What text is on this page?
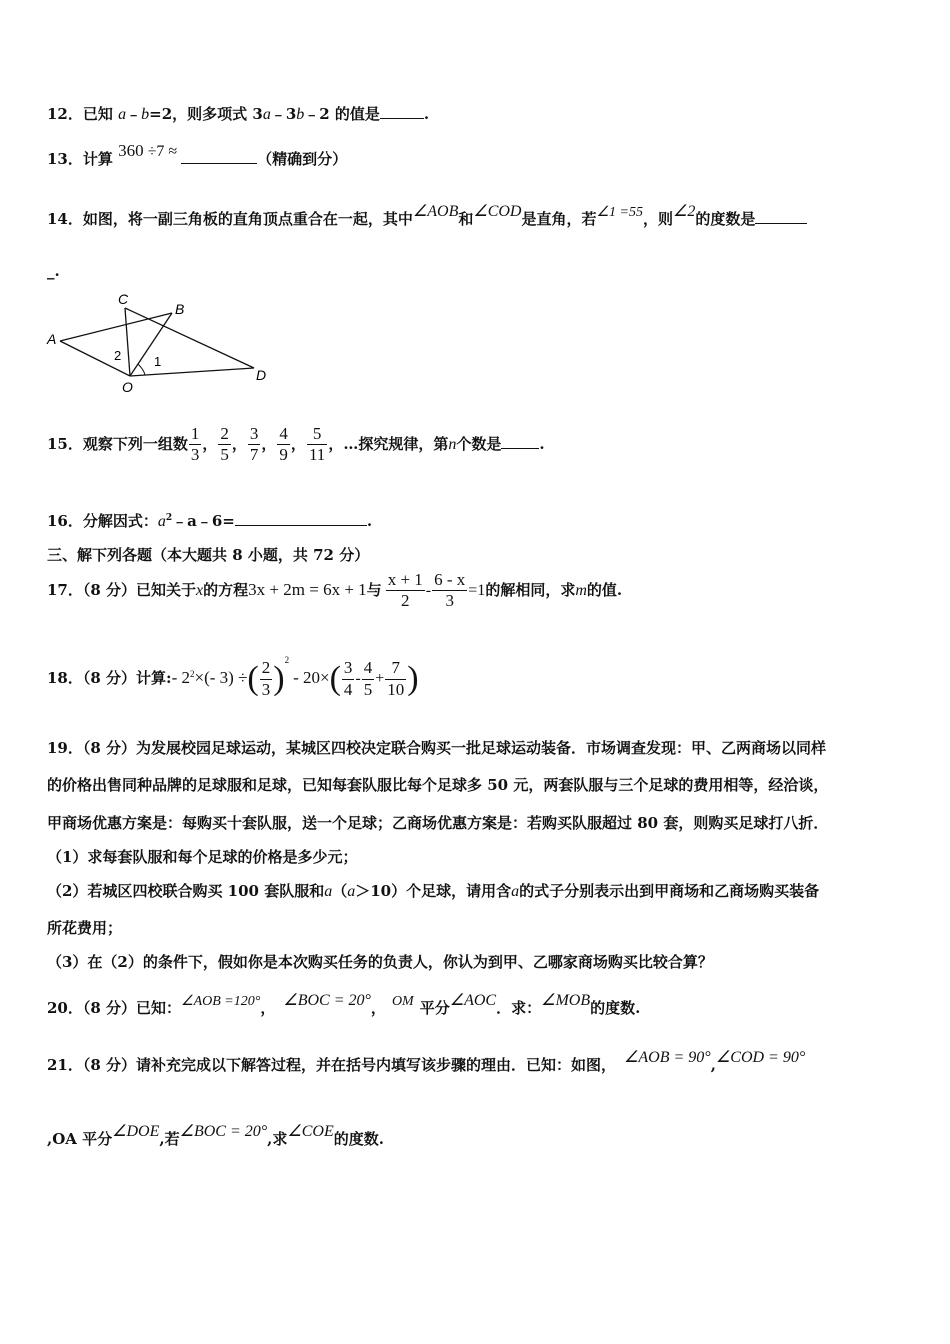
12．已知 a﹣b=2，则多项式 3a﹣3b﹣2 的值是	.
13．计算 360 ÷7 ≈	（精确到分）
14．如图，将一副三角板的直角顶点重合在一起，其中∠AOB和∠COD是直角，若∠1 =55，则∠2的度数是
_.
A
B
C
D
O
1
2
15．观察下列一组数 $\frac{1}{3}$ ， $\frac{2}{5}$ ， $\frac{3}{7}$ ， $\frac{4}{9}$ ， $\frac{5}{11}$ ，…探究规律，第n个数是	.
16．分解因式：$a^2﹣a﹣6=$	.
三、解下列各题（本大题共 8 小题，共 72 分）
17．（8 分）已知关于x的方程3x + 2m = 6x + 1与 $\frac{x + 1}{2} - \frac{6 - x}{3} =1$的解相同，求m的值.
18．（8 分）计算:- $2^2\times(-$ 3) ÷( $\frac{2}{3} )^2-$ $20\times( \frac{3}{4} - \frac{4}{5} + \frac{7}{10}$ )
19．（8 分）为发展校园足球运动，某城区四校决定联合购买一批足球运动装备．市场调查发现：甲、乙两商场以同样
的价格出售同种品牌的足球服和足球，已知每套队服比每个足球多 50 元，两套队服与三个足球的费用相等，经洽谈，
甲商场优惠方案是：每购买十套队服，送一个足球；乙商场优惠方案是：若购买队服超过 80 套，则购买足球打八折．
（1）求每套队服和每个足球的价格是多少元；
（2）若城区四校联合购买 100 套队服和a（a＞10）个足球，请用含a的式子分别表示出到甲商场和乙商场购买装备
所花费用；
（3）在（2）的条件下，假如你是本次购买任务的负责人，你认为到甲、乙哪家商场购买比较合算？
20．（8 分）已知：∠AOB =120°， ∠BOC = 20°， OM 平分∠AOC．求：∠MOB的度数.
21．（8 分）请补充完成以下解答过程，并在括号内填写该步骤的理由．已知：如图， ∠AOB = 90°,∠COD = 90°
,OA 平分∠DOE,若∠BOC = 20°,求∠COE的度数.
